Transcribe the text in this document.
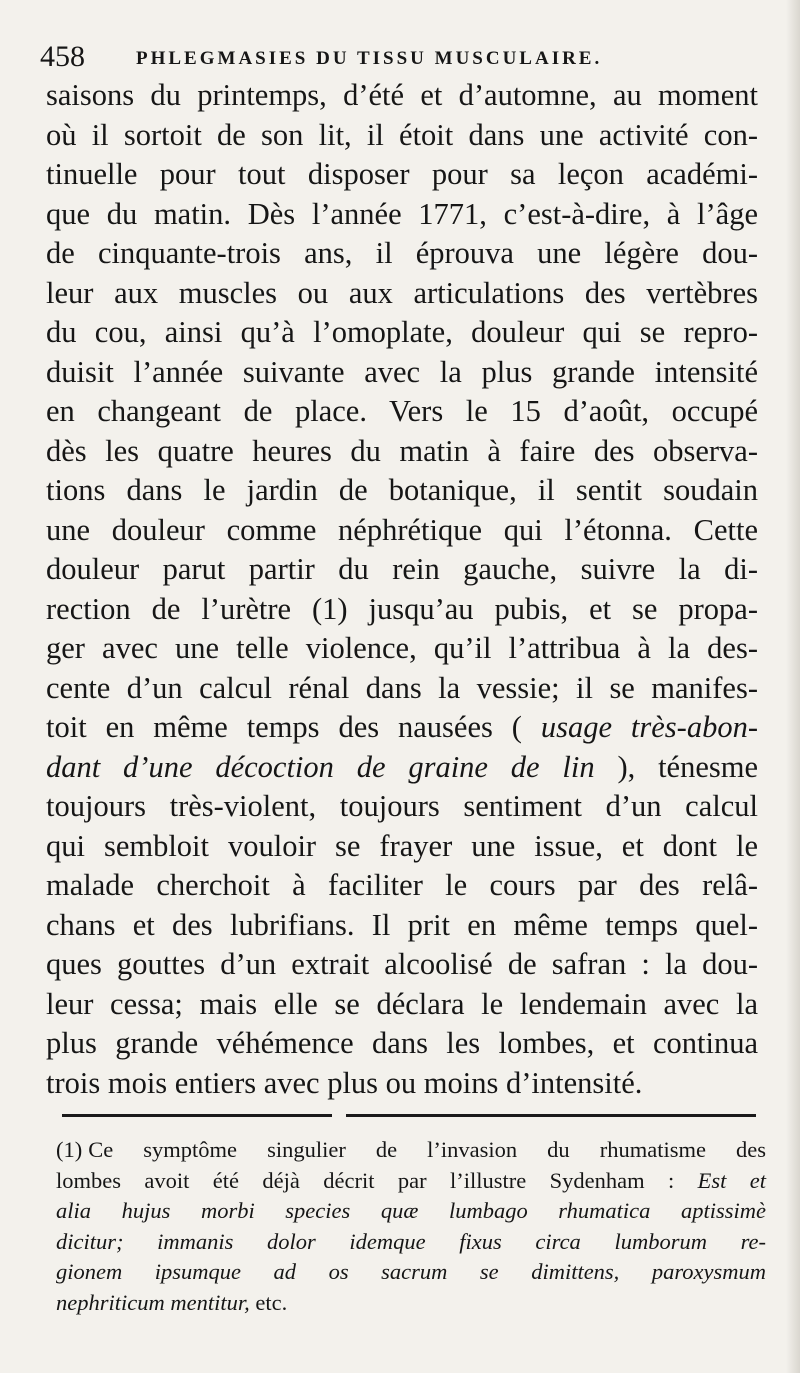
458	PHLEGMASIES DU TISSU MUSCULAIRE.
saisons du printemps, d’été et d’automne, au moment
où il sortoit de son lit, il étoit dans une activité con-
tinuelle pour tout disposer pour sa leçon académi-
que du matin. Dès l’année 1771, c’est-à-dire, à l’âge
de cinquante-trois ans, il éprouva une légère dou-
leur aux muscles ou aux articulations des vertèbres
du cou, ainsi qu’à l’omoplate, douleur qui se repro-
duisit l’année suivante avec la plus grande intensité
en changeant de place. Vers le 15 d’août, occupé
dès les quatre heures du matin à faire des observa-
tions dans le jardin de botanique, il sentit soudain
une douleur comme néphrétique qui l’étonna. Cette
douleur parut partir du rein gauche, suivre la di-
rection de l’urètre (1) jusqu’au pubis, et se propa-
ger avec une telle violence, qu’il l’attribua à la des-
cente d’un calcul rénal dans la vessie; il se manifes-
toit en même temps des nausées ( usage très-abon-
dant d’une décoction de graine de lin ), ténesme
toujours très-violent, toujours sentiment d’un calcul
qui sembloit vouloir se frayer une issue, et dont le
malade cherchoit à faciliter le cours par des relâ-
chans et des lubrifians. Il prit en même temps quel-
ques gouttes d’un extrait alcoolisé de safran : la dou-
leur cessa; mais elle se déclara le lendemain avec la
plus grande véhémence dans les lombes, et continua
trois mois entiers avec plus ou moins d’intensité.
(1) Ce symptôme singulier de l’invasion du rhumatisme des
lombes avoit été déjà décrit par l’illustre Sydenham : Est et
alia hujus morbi species quæ lumbago rhumatica aptissimè
dicitur; immanis dolor idemque fixus circa lumborum re-
gionem ipsumque ad os sacrum se dimittens, paroxysmum
nephriticum mentitur, etc.
